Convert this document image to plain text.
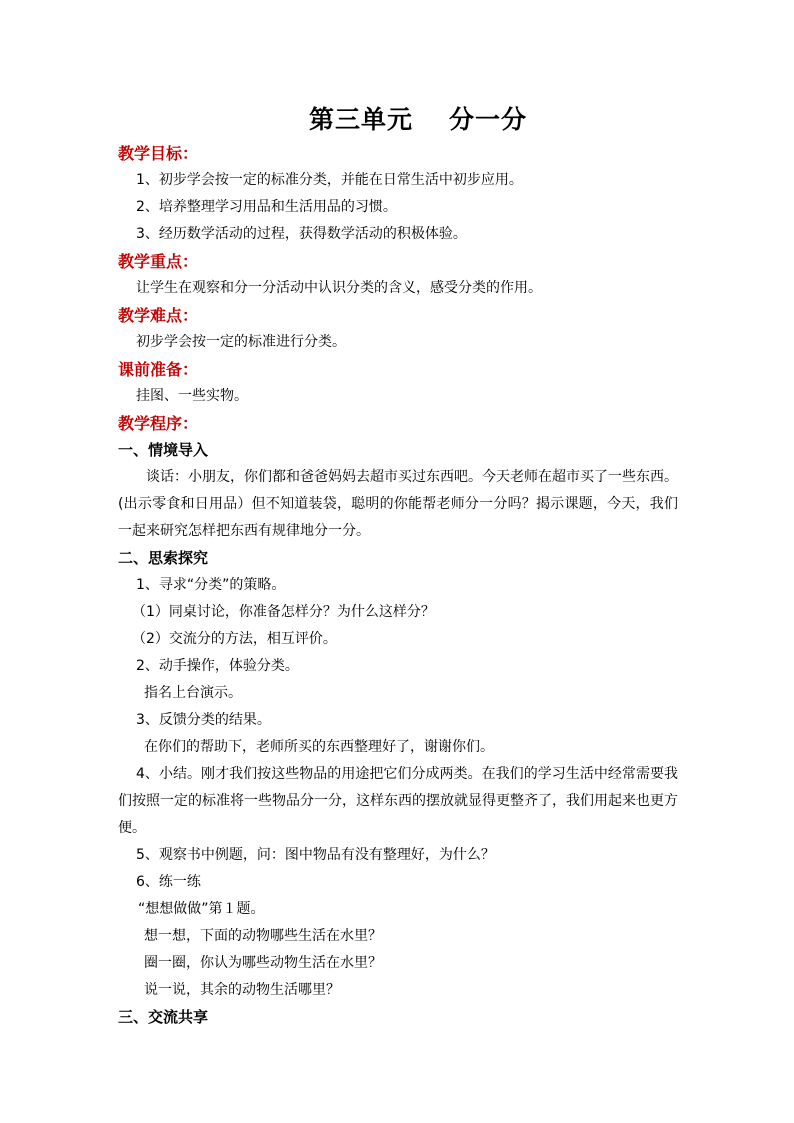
第三单元 分一分

教学目标：

1、初步学会按一定的标准分类，并能在日常生活中初步应用。

2、培养整理学习用品和生活用品的习惯。

3、经历数学活动的过程，获得数学活动的积极体验。

教学重点：

让学生在观察和分一分活动中认识分类的含义，感受分类的作用。

教学难点：

初步学会按一定的标准进行分类。

课前准备：

挂图、一些实物。

教学程序：

一、情境导入

谈话：小朋友，你们都和爸爸妈妈去超市买过东西吧。今天老师在超市买了一些东西。(出示零食和日用品）但不知道装袋，聪明的你能帮老师分一分吗？揭示课题，今天，我们一起来研究怎样把东西有规律地分一分。

二、思索探究

1、寻求“分类”的策略。

（1）同桌讨论，你准备怎样分？为什么这样分？

（2）交流分的方法，相互评价。

2、动手操作，体验分类。

指名上台演示。

3、反馈分类的结果。

在你们的帮助下，老师所买的东西整理好了，谢谢你们。

4、小结。刚才我们按这些物品的用途把它们分成两类。在我们的学习生活中经常需要我们按照一定的标准将一些物品分一分，这样东西的摆放就显得更整齐了，我们用起来也更方便。

5、观察书中例题，问：图中物品有没有整理好，为什么？

6、练一练

“想想做做”第１题。

想一想，下面的动物哪些生活在水里？

圈一圈，你认为哪些动物生活在水里？

说一说，其余的动物生活哪里？

三、交流共享
